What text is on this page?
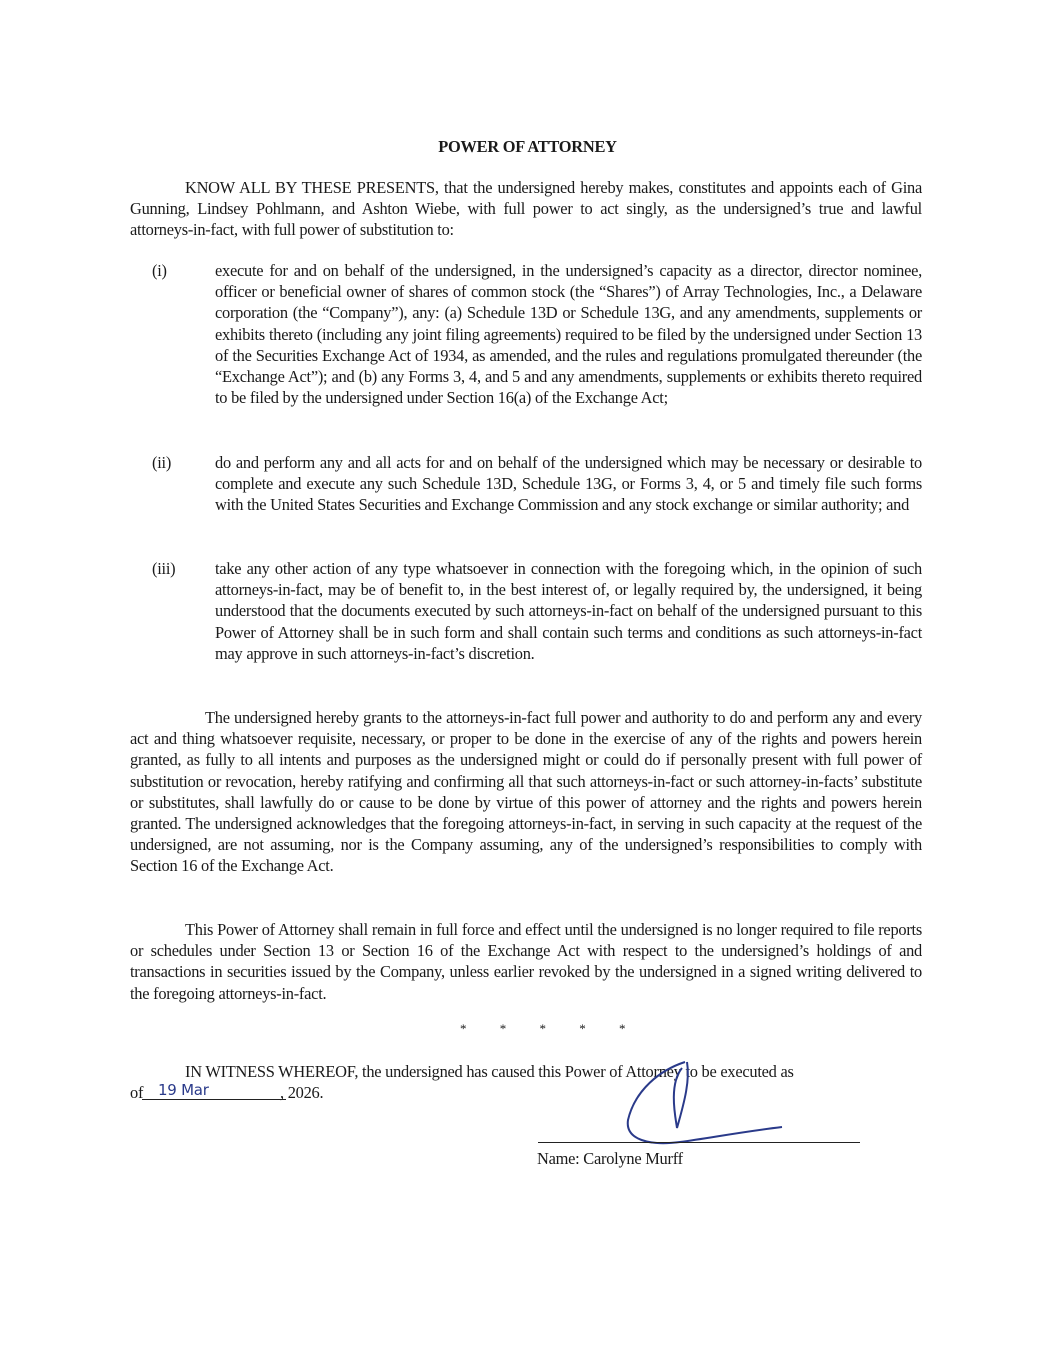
POWER OF ATTORNEY
KNOW ALL BY THESE PRESENTS, that the undersigned hereby makes, constitutes and appoints each of Gina Gunning, Lindsey Pohlmann, and Ashton Wiebe, with full power to act singly, as the undersigned’s true and lawful attorneys-in-fact, with full power of substitution to:
(i)	execute for and on behalf of the undersigned, in the undersigned’s capacity as a director, director nominee, officer or beneficial owner of shares of common stock (the “Shares”) of Array Technologies, Inc., a Delaware corporation (the “Company”), any: (a) Schedule 13D or Schedule 13G, and any amendments, supplements or exhibits thereto (including any joint filing agreements) required to be filed by the undersigned under Section 13 of the Securities Exchange Act of 1934, as amended, and the rules and regulations promulgated thereunder (the “Exchange Act”); and (b) any Forms 3, 4, and 5 and any amendments, supplements or exhibits thereto required to be filed by the undersigned under Section 16(a) of the Exchange Act;
(ii)	do and perform any and all acts for and on behalf of the undersigned which may be necessary or desirable to complete and execute any such Schedule 13D, Schedule 13G, or Forms 3, 4, or 5 and timely file such forms with the United States Securities and Exchange Commission and any stock exchange or similar authority; and
(iii) take any other action of any type whatsoever in connection with the foregoing which, in the opinion of such attorneys-in-fact, may be of benefit to, in the best interest of, or legally required by, the undersigned, it being understood that the documents executed by such attorneys-in-fact on behalf of the undersigned pursuant to this Power of Attorney shall be in such form and shall contain such terms and conditions as such attorneys-in-fact may approve in such attorneys-in-fact’s discretion.
The undersigned hereby grants to the attorneys-in-fact full power and authority to do and perform any and every act and thing whatsoever requisite, necessary, or proper to be done in the exercise of any of the rights and powers herein granted, as fully to all intents and purposes as the undersigned might or could do if personally present with full power of substitution or revocation, hereby ratifying and confirming all that such attorneys-in-fact or such attorney-in-facts’ substitute or substitutes, shall lawfully do or cause to be done by virtue of this power of attorney and the rights and powers herein granted. The undersigned acknowledges that the foregoing attorneys-in-fact, in serving in such capacity at the request of the undersigned, are not assuming, nor is the Company assuming, any of the undersigned’s responsibilities to comply with Section 16 of the Exchange Act.
This Power of Attorney shall remain in full force and effect until the undersigned is no longer required to file reports or schedules under Section 13 or Section 16 of the Exchange Act with respect to the undersigned’s holdings of and transactions in securities issued by the Company, unless earlier revoked by the undersigned in a signed writing delivered to the foregoing attorneys-in-fact.
* * * * *
IN WITNESS WHEREOF, the undersigned has caused this Power of Attorney to be executed as
of	, 2026.
19 Mar
Name: Carolyne Murff
